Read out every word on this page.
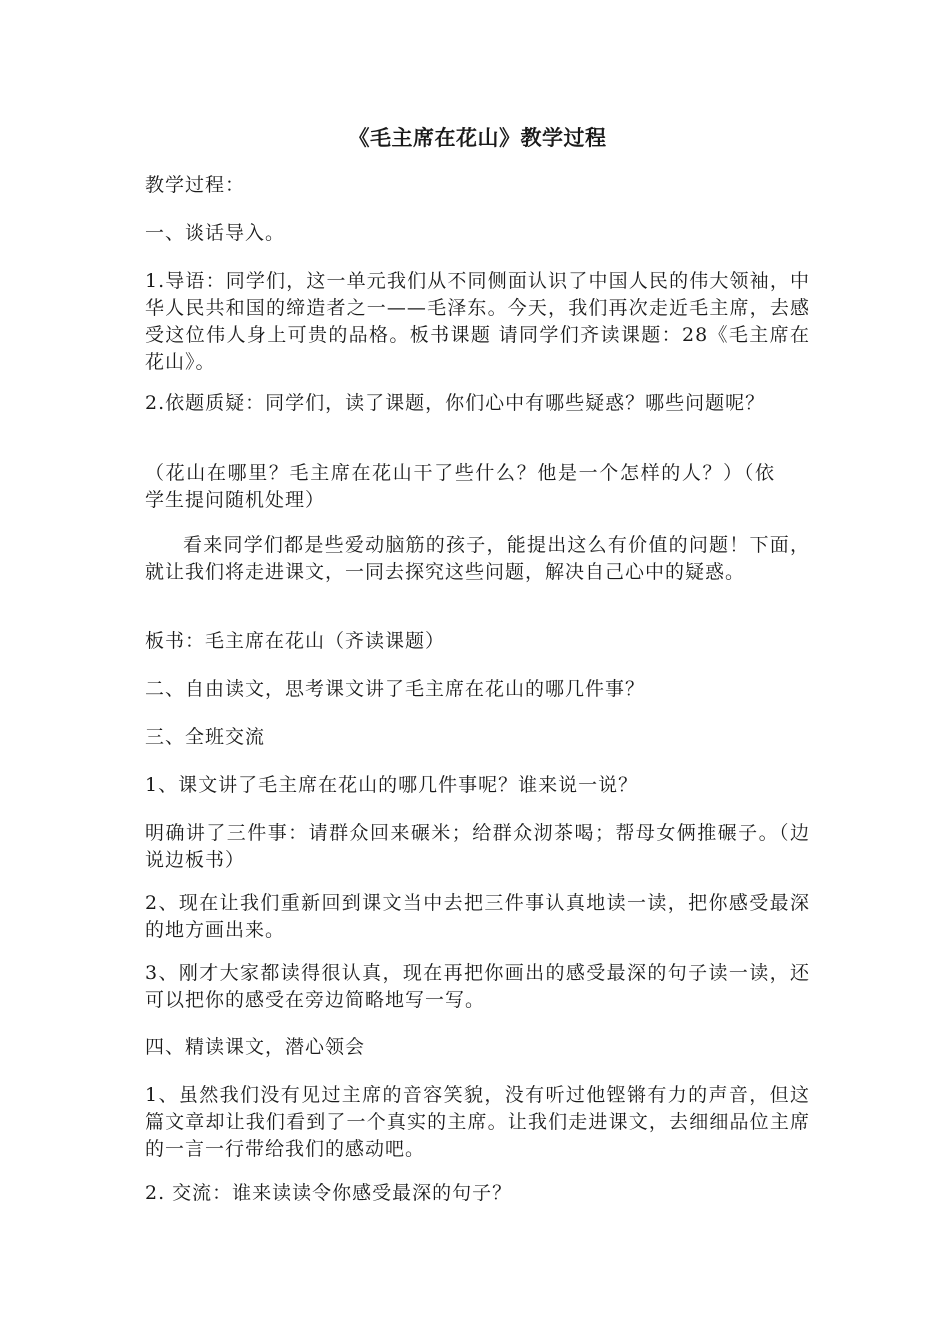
《毛主席在花山》教学过程
教学过程：
一、谈话导入。
1.导语：同学们，这一单元我们从不同侧面认识了中国人民的伟大领袖，中华人民共和国的缔造者之一——毛泽东。今天，我们再次走近毛主席，去感受这位伟人身上可贵的品格。板书课题 请同学们齐读课题：28《毛主席在花山》。
2.依题质疑：同学们，读了课题，你们心中有哪些疑惑？哪些问题呢？
（花山在哪里？毛主席在花山干了些什么？他是一个怎样的人？）（依学生提问随机处理）
看来同学们都是些爱动脑筋的孩子，能提出这么有价值的问题！下面，就让我们将走进课文，一同去探究这些问题，解决自己心中的疑惑。
板书：毛主席在花山（齐读课题）
二、自由读文，思考课文讲了毛主席在花山的哪几件事？
三、全班交流
1、课文讲了毛主席在花山的哪几件事呢？谁来说一说？
明确讲了三件事：请群众回来碾米；给群众沏茶喝；帮母女俩推碾子。（边说边板书）
2、现在让我们重新回到课文当中去把三件事认真地读一读，把你感受最深的地方画出来。
3、刚才大家都读得很认真，现在再把你画出的感受最深的句子读一读，还可以把你的感受在旁边简略地写一写。
四、精读课文，潜心领会
1、虽然我们没有见过主席的音容笑貌，没有听过他铿锵有力的声音，但这篇文章却让我们看到了一个真实的主席。让我们走进课文，去细细品位主席的一言一行带给我们的感动吧。
2. 交流：谁来读读令你感受最深的句子？
